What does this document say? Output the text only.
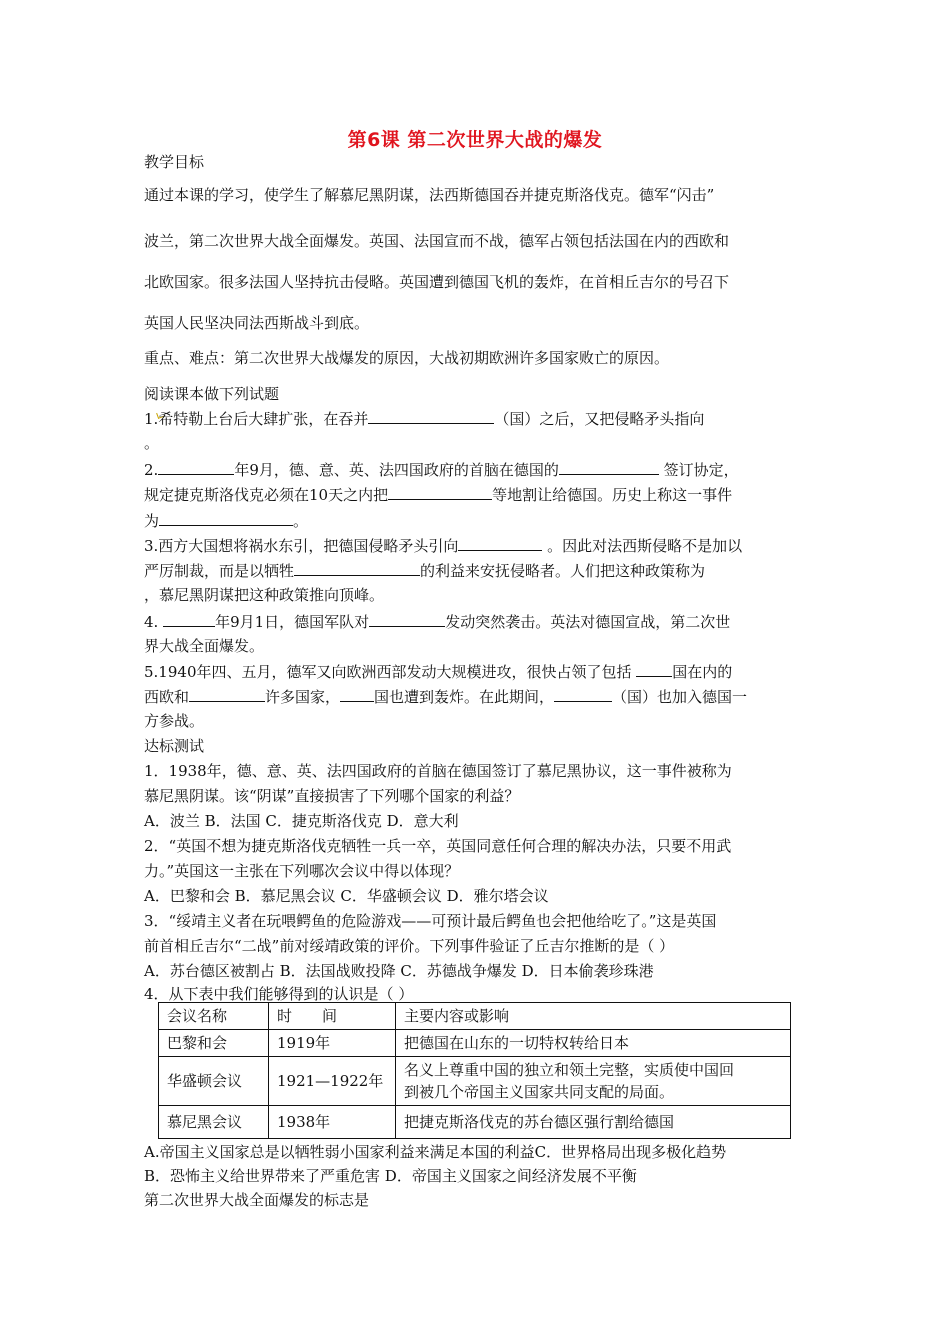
第6课 第二次世界大战的爆发
教学目标
通过本课的学习，使学生了解慕尼黑阴谋，法西斯德国吞并捷克斯洛伐克。德军“闪击”
波兰，第二次世界大战全面爆发。英国、法国宣而不战，德军占领包括法国在内的西欧和
北欧国家。很多法国人坚持抗击侵略。英国遭到德国飞机的轰炸，在首相丘吉尔的号召下
英国人民坚决同法西斯战斗到底。
重点、难点：第二次世界大战爆发的原因，大战初期欧洲许多国家败亡的原因。
阅读课本做下列试题
1.希特勒上台后大肆扩张，在吞并	（国）之后，又把侵略矛头指向
。
2.	年9月，德、意、英、法四国政府的首脑在德国的	签订协定，
规定捷克斯洛伐克必须在10天之内把	等地割让给德国。历史上称这一事件
为	。
3.西方大国想将祸水东引，把德国侵略矛头引向	。因此对法西斯侵略不是加以
严厉制裁，而是以牺牲	的利益来安抚侵略者。人们把这种政策称为
，慕尼黑阴谋把这种政策推向顶峰。
4.	年9月1日，德国军队对	发动突然袭击。英法对德国宣战，第二次世
界大战全面爆发。
5.1940年四、五月，德军又向欧洲西部发动大规模进攻，很快占领了包括 国在内的
西欧和	许多国家， 国也遭到轰炸。在此期间，	（国）也加入德国一
方参战。
达标测试
1．1938年，德、意、英、法四国政府的首脑在德国签订了慕尼黑协议，这一事件被称为
慕尼黑阴谋。该“阴谋”直接损害了下列哪个国家的利益？
A．波兰 B．法国 C．捷克斯洛伐克 D．意大利
2．“英国不想为捷克斯洛伐克牺牲一兵一卒，英国同意任何合理的解决办法，只要不用武
力。”英国这一主张在下列哪次会议中得以体现？
A．巴黎和会 B．慕尼黑会议 C．华盛顿会议 D．雅尔塔会议
3．“绥靖主义者在玩喂鳄鱼的危险游戏——可预计最后鳄鱼也会把他给吃了。”这是英国
前首相丘吉尔“二战”前对绥靖政策的评价。下列事件验证了丘吉尔推断的是（ ）
A．苏台德区被割占 B．法国战败投降 C．苏德战争爆发 D．日本偷袭珍珠港
4．从下表中我们能够得到的认识是（ ）
会议名称	时　　间	主要内容或影响
巴黎和会	1919年	把德国在山东的一切特权转给日本
华盛顿会议	1921—1922年	名义上尊重中国的独立和领土完整，实质使中国回
到被几个帝国主义国家共同支配的局面。

慕尼黑会议	1938年	把捷克斯洛伐克的苏台德区强行割给德国
A.帝国主义国家总是以牺牲弱小国家利益来满足本国的利益C．世界格局出现多极化趋势
B．恐怖主义给世界带来了严重危害 D．帝国主义国家之间经济发展不平衡
第二次世界大战全面爆发的标志是
